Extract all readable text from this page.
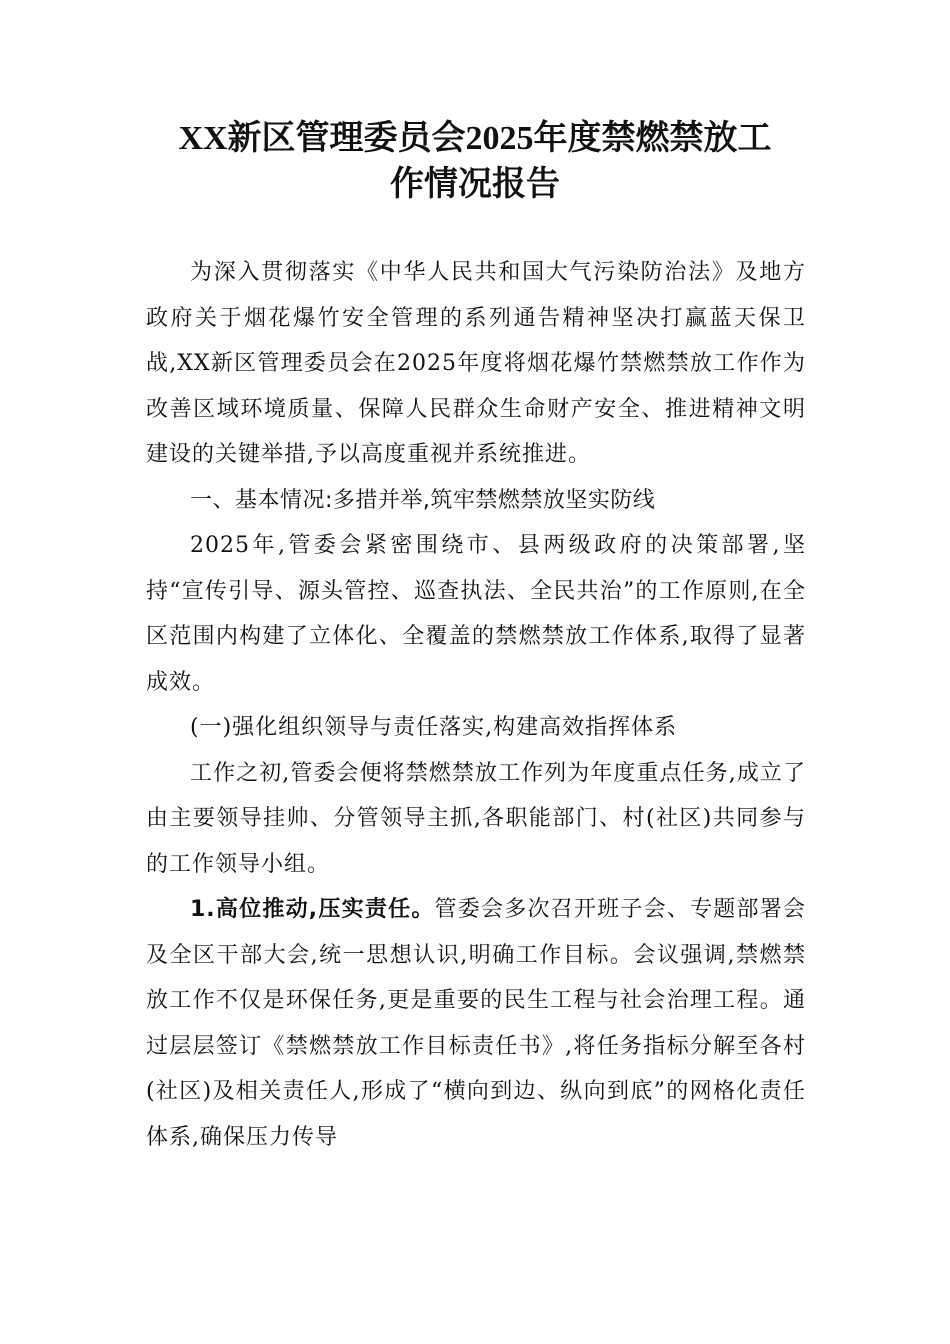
XX新区管理委员会2025年度禁燃禁放工
作情况报告

为深入贯彻落实《中华人民共和国大气污染防治法》及地方政府关于烟花爆竹安全管理的系列通告精神坚决打赢蓝天保卫战,XX新区管理委员会在2025年度将烟花爆竹禁燃禁放工作作为改善区域环境质量、保障人民群众生命财产安全、推进精神文明建设的关键举措,予以高度重视并系统推进。

一、基本情况:多措并举,筑牢禁燃禁放坚实防线

2025年,管委会紧密围绕市、县两级政府的决策部署,坚持“宣传引导、源头管控、巡查执法、全民共治”的工作原则,在全区范围内构建了立体化、全覆盖的禁燃禁放工作体系,取得了显著成效。

(一)强化组织领导与责任落实,构建高效指挥体系

工作之初,管委会便将禁燃禁放工作列为年度重点任务,成立了由主要领导挂帅、分管领导主抓,各职能部门、村(社区)共同参与的工作领导小组。

1.高位推动,压实责任。管委会多次召开班子会、专题部署会及全区干部大会,统一思想认识,明确工作目标。会议强调,禁燃禁放工作不仅是环保任务,更是重要的民生工程与社会治理工程。通过层层签订《禁燃禁放工作目标责任书》,将任务指标分解至各村(社区)及相关责任人,形成了“横向到边、纵向到底”的网格化责任体系,确保压力传导
